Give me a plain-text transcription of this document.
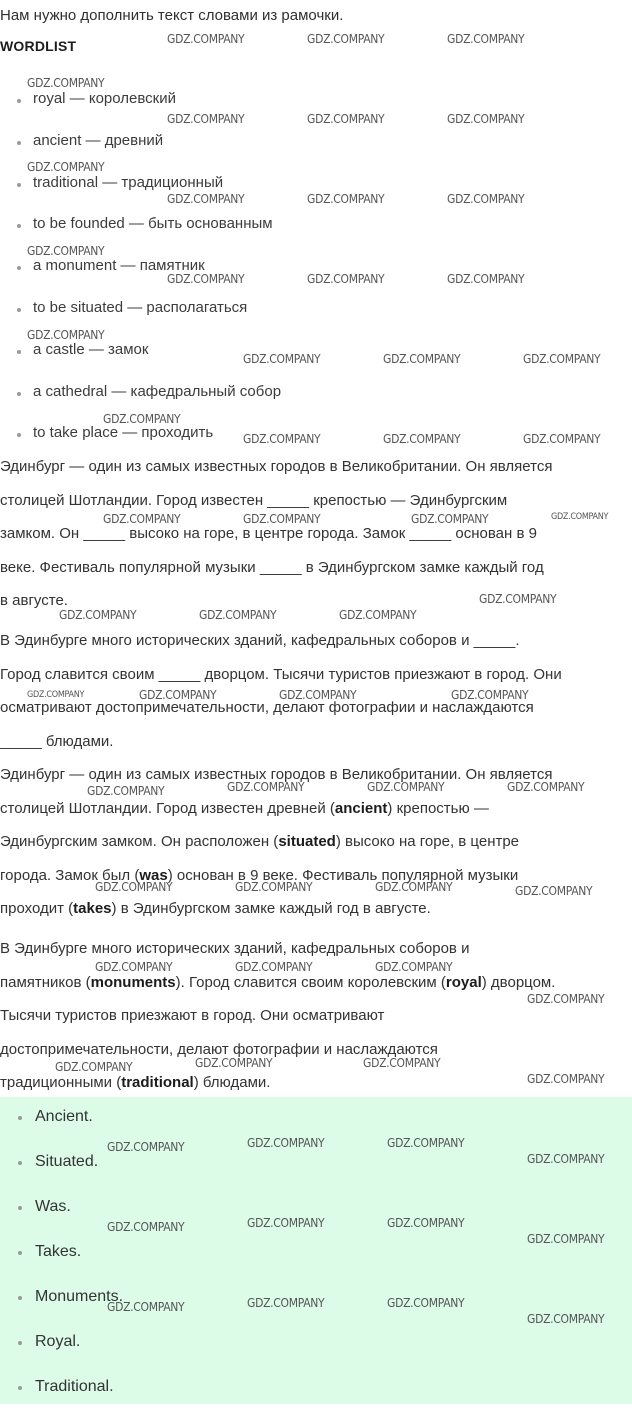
Нам нужно дополнить текст словами из рамочки.
WORDLIST
royal — королевский
ancient — древний
traditional — традиционный
to be founded — быть основанным
a monument — памятник
to be situated — располагаться
a castle — замок
a cathedral — кафедральный собор
to take place — проходить
Эдинбург — один из самых известных городов в Великобритании. Он является
столицей Шотландии. Город известен _____ крепостью — Эдинбургским
замком. Он _____ высоко на горе, в центре города. Замок _____ основан в 9
веке. Фестиваль популярной музыки _____ в Эдинбургском замке каждый год
в августе.
В Эдинбурге много исторических зданий, кафедральных соборов и _____.
Город славится своим _____ дворцом. Тысячи туристов приезжают в город. Они
осматривают достопримечательности, делают фотографии и наслаждаются
_____ блюдами.
Эдинбург — один из самых известных городов в Великобритании. Он является
столицей Шотландии. Город известен древней (ancient) крепостью —
Эдинбургским замком. Он расположен (situated) высоко на горе, в центре
города. Замок был (was) основан в 9 веке. Фестиваль популярной музыки
проходит (takes) в Эдинбургском замке каждый год в августе.
В Эдинбурге много исторических зданий, кафедральных соборов и
памятников (monuments). Город славится своим королевским (royal) дворцом.
Тысячи туристов приезжают в город. Они осматривают
достопримечательности, делают фотографии и наслаждаются
традиционными (traditional) блюдами.
Ancient.
Situated.
Was.
Takes.
Monuments.
Royal.
Traditional.
GDZ.COMPANY	GDZ.COMPANY	GDZ.COMPANY
GDZ.COMPANY
GDZ.COMPANY	GDZ.COMPANY	GDZ.COMPANY
GDZ.COMPANY
GDZ.COMPANY	GDZ.COMPANY	GDZ.COMPANY
GDZ.COMPANY
GDZ.COMPANY	GDZ.COMPANY	GDZ.COMPANY
GDZ.COMPANY
GDZ.COMPANY	GDZ.COMPANY	GDZ.COMPANY
GDZ.COMPANY
GDZ.COMPANY	GDZ.COMPANY	GDZ.COMPANY
GDZ.COMPANY	GDZ.COMPANY	GDZ.COMPANY	GDZ.COMPANY
GDZ.COMPANY
GDZ.COMPANY	GDZ.COMPANY	GDZ.COMPANY
GDZ.COMPANY	GDZ.COMPANY	GDZ.COMPANY	GDZ.COMPANY
GDZ.COMPANY	GDZ.COMPANY	GDZ.COMPANY	GDZ.COMPANY
GDZ.COMPANY	GDZ.COMPANY	GDZ.COMPANY	GDZ.COMPANY
GDZ.COMPANY	GDZ.COMPANY	GDZ.COMPANY
GDZ.COMPANY
GDZ.COMPANY	GDZ.COMPANY	GDZ.COMPANY
GDZ.COMPANY
GDZ.COMPANY	GDZ.COMPANY	GDZ.COMPANY
GDZ.COMPANY
GDZ.COMPANY	GDZ.COMPANY	GDZ.COMPANY
GDZ.COMPANY
GDZ.COMPANY	GDZ.COMPANY	GDZ.COMPANY
GDZ.COMPANY
